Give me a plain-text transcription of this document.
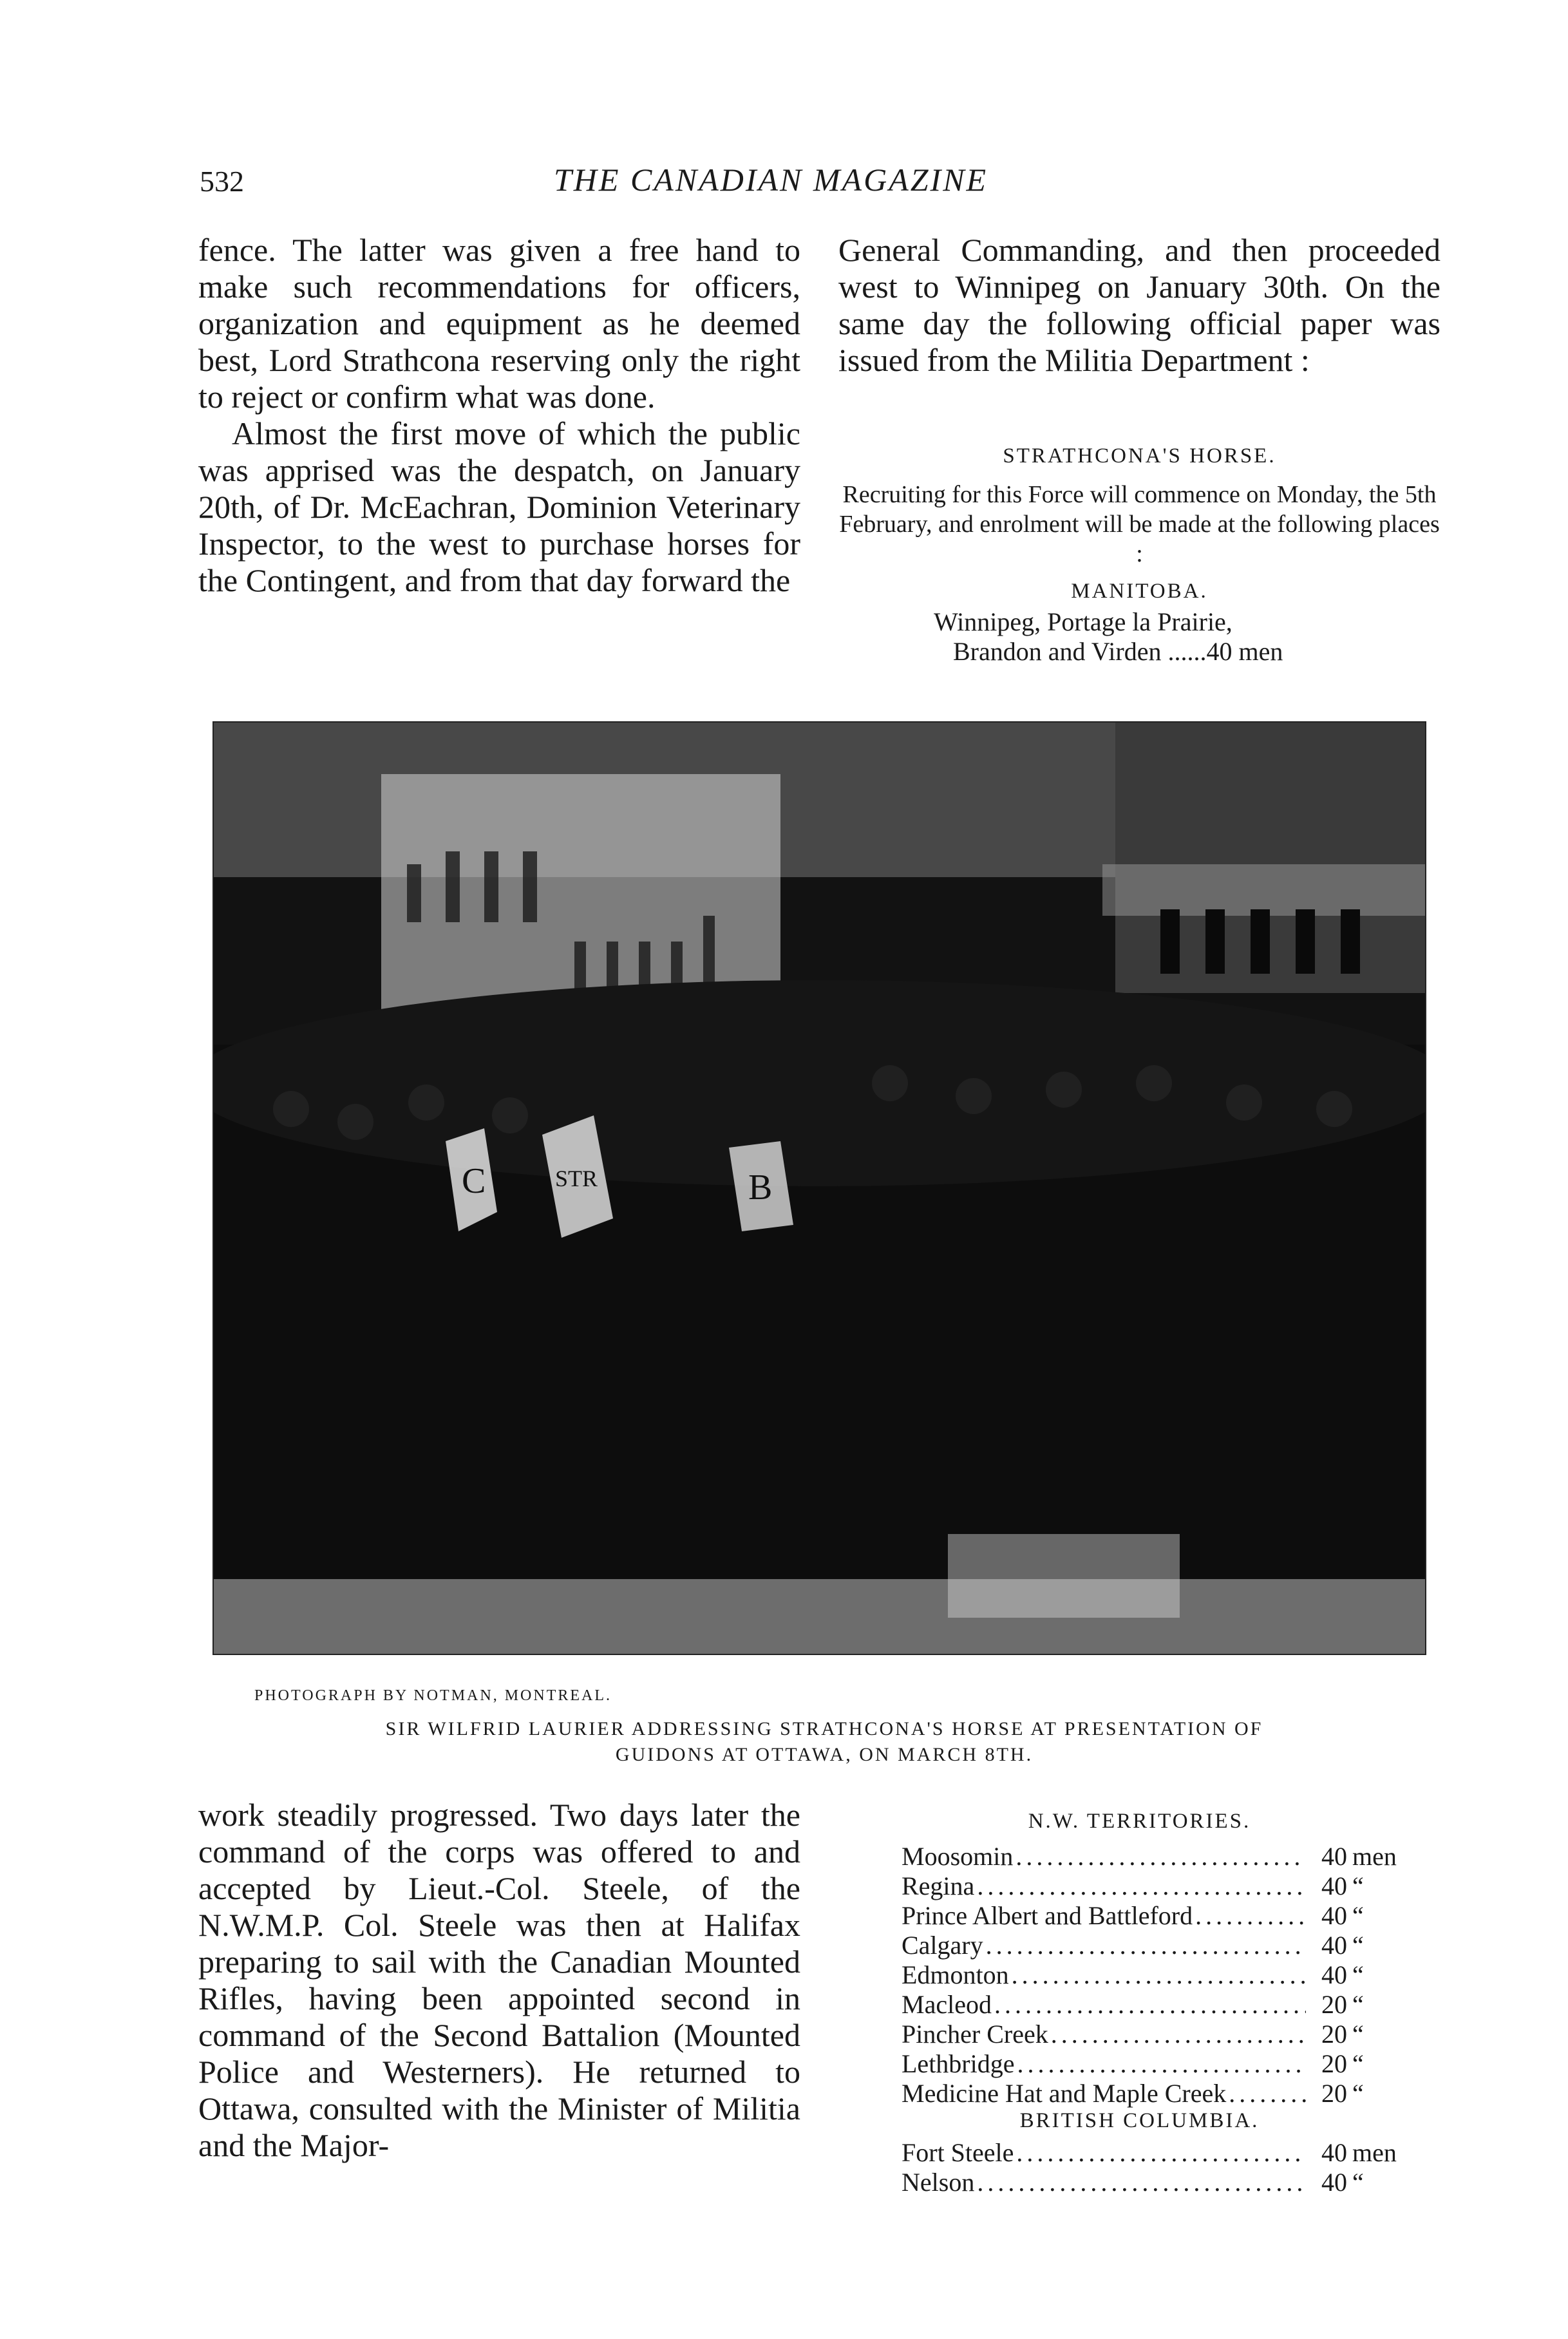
532	THE CANADIAN MAGAZINE

fence. The latter was given a free hand to make such recommendations for officers, organization and equipment as he deemed best, Lord Strathcona reserving only the right to reject or confirm what was done.

Almost the first move of which the public was apprised was the despatch, on January 20th, of Dr. McEachran, Dominion Veterinary Inspector, to the west to purchase horses for the Contingent, and from that day forward the

General Commanding, and then proceeded west to Winnipeg on January 30th. On the same day the following official paper was issued from the Militia Department :

STRATHCONA'S HORSE.

Recruiting for this Force will commence on Monday, the 5th February, and enrolment will be made at the following places :

MANITOBA.

Winnipeg, Portage la Prairie,
Brandon and Virden ......40 men
C	STR	B
PHOTOGRAPH BY NOTMAN, MONTREAL.
SIR WILFRID LAURIER ADDRESSING STRATHCONA'S HORSE AT PRESENTATION OF
GUIDONS AT OTTAWA, ON MARCH 8TH.

work steadily progressed. Two days later the command of the corps was offered to and accepted by Lieut.-Col. Steele, of the N.W.M.P. Col. Steele was then at Halifax preparing to sail with the Canadian Mounted Rifles, having been appointed second in command of the Second Battalion (Mounted Police and Westerners). He returned to Ottawa, consulted with the Minister of Militia and the Major-

N.W. TERRITORIES.

Moosomin . . .	40 men
Regina . . .	40 “
Prince Albert and Battleford . . .	40 “
Calgary . . .	40 “
Edmonton . . .	40 “
Macleod . . .	20 “
Pincher Creek . . .	20 “
Lethbridge . . .	20 “
Medicine Hat and Maple Creek . . .	20 “

BRITISH COLUMBIA.

Fort Steele . . .	40 men
Nelson . . .	40 “
